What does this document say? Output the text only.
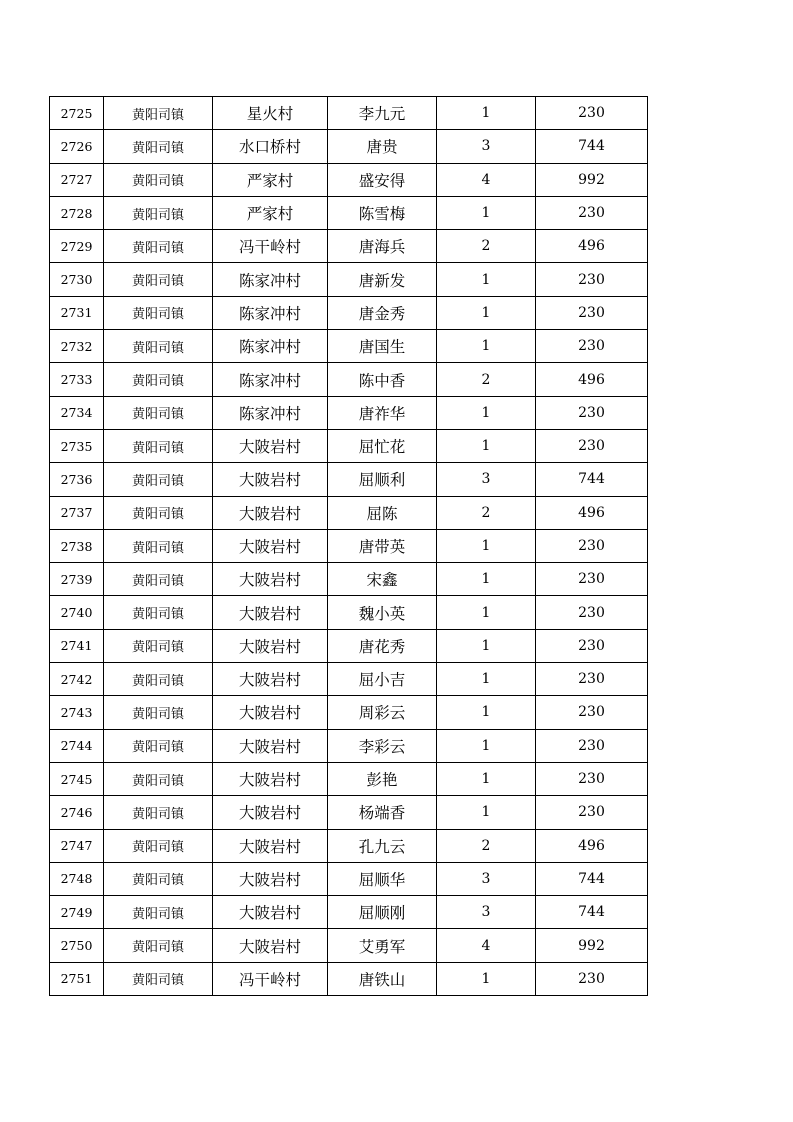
2725	黄阳司镇	星火村	李九元	1	230
2726	黄阳司镇	水口桥村	唐贵	3	744
2727	黄阳司镇	严家村	盛安得	4	992
2728	黄阳司镇	严家村	陈雪梅	1	230
2729	黄阳司镇	冯干岭村	唐海兵	2	496
2730	黄阳司镇	陈家冲村	唐新发	1	230
2731	黄阳司镇	陈家冲村	唐金秀	1	230
2732	黄阳司镇	陈家冲村	唐国生	1	230
2733	黄阳司镇	陈家冲村	陈中香	2	496
2734	黄阳司镇	陈家冲村	唐祚华	1	230
2735	黄阳司镇	大陂岩村	屈忙花	1	230
2736	黄阳司镇	大陂岩村	屈顺利	3	744
2737	黄阳司镇	大陂岩村	屈陈	2	496
2738	黄阳司镇	大陂岩村	唐带英	1	230
2739	黄阳司镇	大陂岩村	宋鑫	1	230
2740	黄阳司镇	大陂岩村	魏小英	1	230
2741	黄阳司镇	大陂岩村	唐花秀	1	230
2742	黄阳司镇	大陂岩村	屈小吉	1	230
2743	黄阳司镇	大陂岩村	周彩云	1	230
2744	黄阳司镇	大陂岩村	李彩云	1	230
2745	黄阳司镇	大陂岩村	彭艳	1	230
2746	黄阳司镇	大陂岩村	杨端香	1	230
2747	黄阳司镇	大陂岩村	孔九云	2	496
2748	黄阳司镇	大陂岩村	屈顺华	3	744
2749	黄阳司镇	大陂岩村	屈顺刚	3	744
2750	黄阳司镇	大陂岩村	艾勇军	4	992
2751	黄阳司镇	冯干岭村	唐铁山	1	230
